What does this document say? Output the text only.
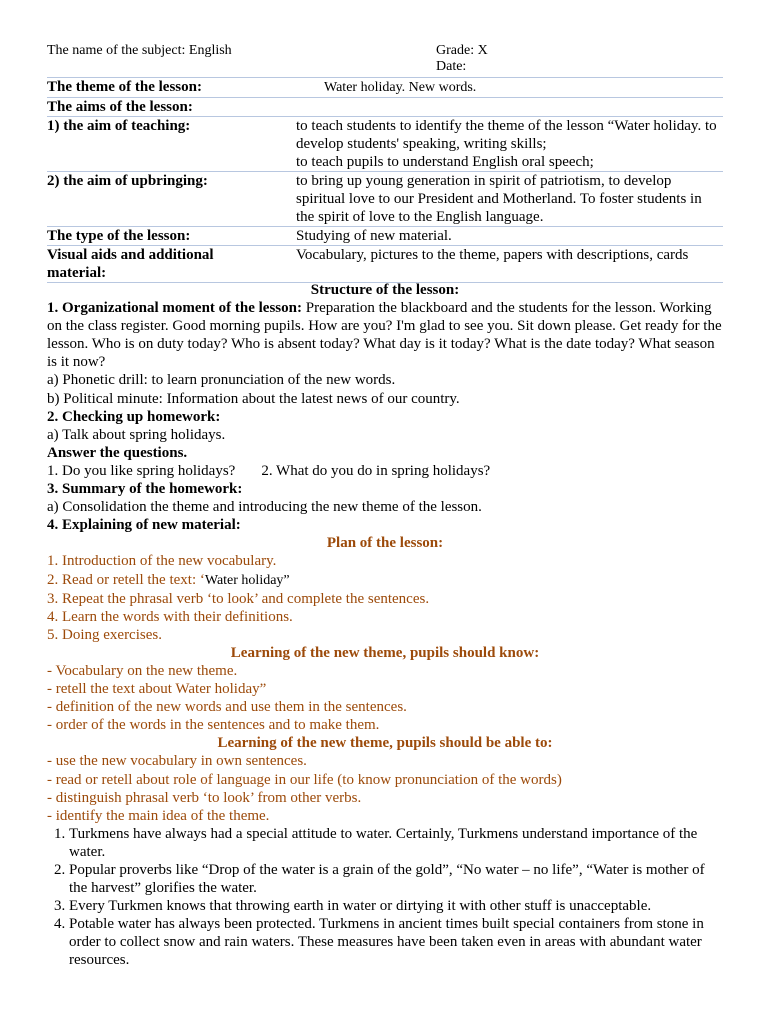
The name of the subject: English	Grade: X
Date:
The theme of the lesson:	Water holiday. New words.
The aims of the lesson:	
1) the aim of teaching:	to teach students to identify the theme of the lesson “Water holiday. to develop students' speaking, writing skills;
to teach pupils to understand English oral speech;
2) the aim of upbringing:	to bring up young generation in spirit of patriotism, to develop spiritual love to our President and Motherland. To foster students in the spirit of love to the English language.
The type of the lesson:	Studying of new material.
Visual aids and additional material:	Vocabulary, pictures to the theme, papers with descriptions, cards

Structure of the lesson:

1. Organizational moment of the lesson: Preparation the blackboard and the students for the lesson. Working on the class register. Good morning pupils. How are you? I'm glad to see you. Sit down please. Get ready for the lesson. Who is on duty today? Who is absent today? What day is it today? What is the date today? What season is it now?

a) Phonetic drill: to learn pronunciation of the new words.

b) Political minute: Information about the latest news of our country.

2. Checking up homework:

a) Talk about spring holidays.

Answer the questions.

1. Do you like spring holidays? 2. What do you do in spring holidays?

3. Summary of the homework:

a) Consolidation the theme and introducing the new theme of the lesson.

4. Explaining of new material:

Plan of the lesson:

1. Introduction of the new vocabulary.

2. Read or retell the text: ‘Water holiday”

3. Repeat the phrasal verb ‘to look’ and complete the sentences.

4. Learn the words with their definitions.

5. Doing exercises.

Learning of the new theme, pupils should know:

- Vocabulary on the new theme.

- retell the text about Water holiday”

- definition of the new words and use them in the sentences.

- order of the words in the sentences and to make them.

Learning of the new theme, pupils should be able to:

- use the new vocabulary in own sentences.

- read or retell about role of language in our life (to know pronunciation of the words)

- distinguish phrasal verb ‘to look’ from other verbs.

- identify the main idea of the theme.

1. Turkmens have always had a special attitude to water. Certainly, Turkmens understand importance of the water.
2. Popular proverbs like “Drop of the water is a grain of the gold”, “No water – no life”, “Water is mother of the harvest” glorifies the water.
3. Every Turkmen knows that throwing earth in water or dirtying it with other stuff is unacceptable.
4. Potable water has always been protected. Turkmens in ancient times built special containers from stone in order to collect snow and rain waters. These measures have been taken even in areas with abundant water resources.
